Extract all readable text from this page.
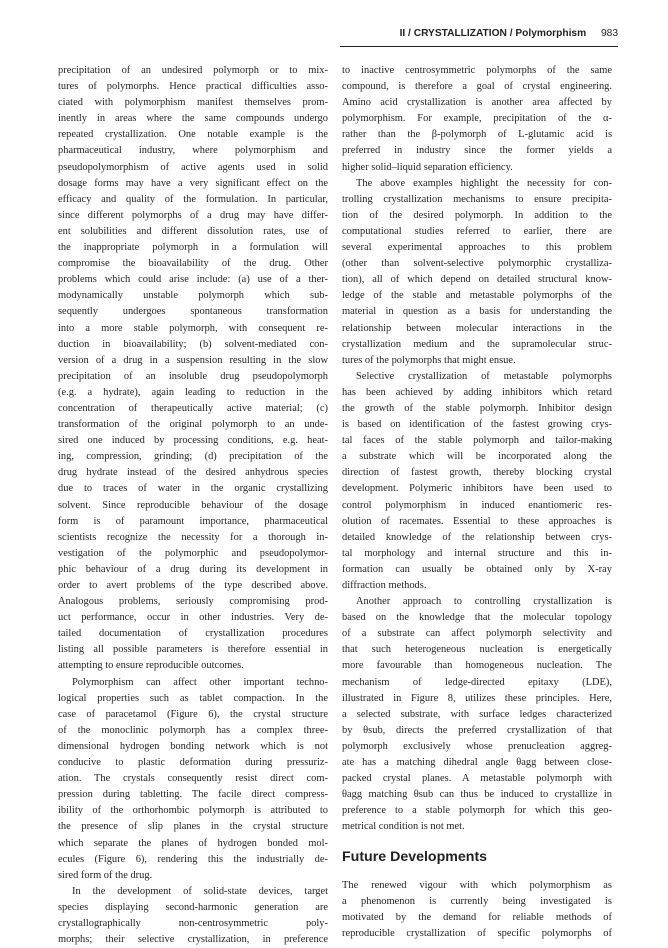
II / CRYSTALLIZATION / Polymorphism 983
precipitation of an undesired polymorph or to mix-
tures of polymorphs. Hence practical difficulties asso-
ciated with polymorphism manifest themselves prom-
inently in areas where the same compounds undergo
repeated crystallization. One notable example is the
pharmaceutical industry, where polymorphism and
pseudopolymorphism of active agents used in solid
dosage forms may have a very significant effect on the
efficacy and quality of the formulation. In particular,
since different polymorphs of a drug may have differ-
ent solubilities and different dissolution rates, use of
the inappropriate polymorph in a formulation will
compromise the bioavailability of the drug. Other
problems which could arise include: (a) use of a ther-
modynamically unstable polymorph which sub-
sequently undergoes spontaneous transformation
into a more stable polymorph, with consequent re-
duction in bioavailability; (b) solvent-mediated con-
version of a drug in a suspension resulting in the slow
precipitation of an insoluble drug pseudopolymorph
(e.g. a hydrate), again leading to reduction in the
concentration of therapeutically active material; (c)
transformation of the original polymorph to an unde-
sired one induced by processing conditions, e.g. heat-
ing, compression, grinding; (d) precipitation of the
drug hydrate instead of the desired anhydrous species
due to traces of water in the organic crystallizing
solvent. Since reproducible behaviour of the dosage
form is of paramount importance, pharmaceutical
scientists recognize the necessity for a thorough in-
vestigation of the polymorphic and pseudopolymor-
phic behaviour of a drug during its development in
order to avert problems of the type described above.
Analogous problems, seriously compromising prod-
uct performance, occur in other industries. Very de-
tailed documentation of crystallization procedures
listing all possible parameters is therefore essential in
attempting to ensure reproducible outcomes.
Polymorphism can affect other important techno-
logical properties such as tablet compaction. In the
case of paracetamol (Figure 6), the crystal structure
of the monoclinic polymorph has a complex three-
dimensional hydrogen bonding network which is not
conducive to plastic deformation during pressuriz-
ation. The crystals consequently resist direct com-
pression during tabletting. The facile direct compress-
ibility of the orthorhombic polymorph is attributed to
the presence of slip planes in the crystal structure
which separate the planes of hydrogen bonded mol-
ecules (Figure 6), rendering this the industrially de-
sired form of the drug.
In the development of solid-state devices, target
species displaying second-harmonic generation are
crystallographically non-centrosymmetric poly-
morphs; their selective crystallization, in preference
to inactive centrosymmetric polymorphs of the same
compound, is therefore a goal of crystal engineering.
Amino acid crystallization is another area affected by
polymorphism. For example, precipitation of the α-
rather than the β-polymorph of L-glutamic acid is
preferred in industry since the former yields a
higher solid–liquid separation efficiency.
The above examples highlight the necessity for con-
trolling crystallization mechanisms to ensure precipita-
tion of the desired polymorph. In addition to the
computational studies referred to earlier, there are
several experimental approaches to this problem
(other than solvent-selective polymorphic crystalliza-
tion), all of which depend on detailed structural know-
ledge of the stable and metastable polymorphs of the
material in question as a basis for understanding the
relationship between molecular interactions in the
crystallization medium and the supramolecular struc-
tures of the polymorphs that might ensue.
Selective crystallization of metastable polymorphs
has been achieved by adding inhibitors which retard
the growth of the stable polymorph. Inhibitor design
is based on identification of the fastest growing crys-
tal faces of the stable polymorph and tailor-making
a substrate which will be incorporated along the
direction of fastest growth, thereby blocking crystal
development. Polymeric inhibitors have been used to
control polymorphism in induced enantiomeric res-
olution of racemates. Essential to these approaches is
detailed knowledge of the relationship between crys-
tal morphology and internal structure and this in-
formation can usually be obtained only by X-ray
diffraction methods.
Another approach to controlling crystallization is
based on the knowledge that the molecular topology
of a substrate can affect polymorph selectivity and
that such heterogeneous nucleation is energetically
more favourable than homogeneous nucleation. The
mechanism of ledge-directed epitaxy (LDE),
illustrated in Figure 8, utilizes these principles. Here,
a selected substrate, with surface ledges characterized
by θsub, directs the preferred crystallization of that
polymorph exclusively whose prenucleation aggreg-
ate has a matching dihedral angle θagg between close-
packed crystal planes. A metastable polymorph with
θagg matching θsub can thus be induced to crystallize in
preference to a stable polymorph for which this geo-
metrical condition is not met.
Future Developments
The renewed vigour with which polymorphism as
a phenomenon is currently being investigated is
motivated by the demand for reliable methods of
reproducible crystallization of specific polymorphs of
